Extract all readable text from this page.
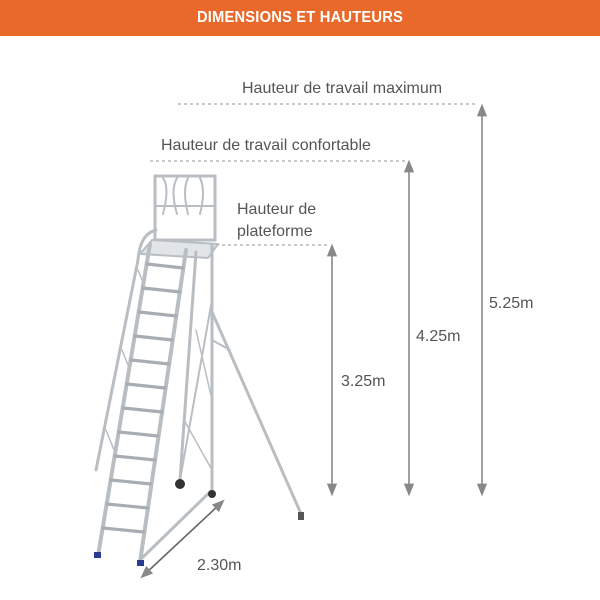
DIMENSIONS ET HAUTEURS
Hauteur de travail maximum
Hauteur de travail confortable
Hauteur de
plateforme
3.25m
4.25m
5.25m
2.30m
